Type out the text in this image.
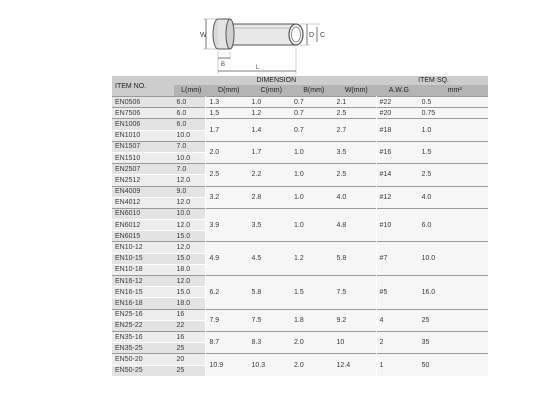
W	D C
B	L
ITEM NO.	DIMENSION					ITEM SQ.	
	L(mm)	D(mm)	C(mm)	B(mm)	W(mm)	A.W.G	mm²
EN0506	6.0	1.3	1.0	0.7	2.1	#22	0.5
EN7506	6.0	1.5	1.2	0.7	2.5	#20	0.75
EN1006	6.0	1.7	1.4	0.7	2.7	#18	1.0
EN1010	10.0						
EN1507	7.0	2.0	1.7	1.0	3.5	#16	1.5
EN1510	10.0						
EN2507	7.0	2.5	2.2	1.0	2.5	#14	2.5
EN2512	12.0						
EN4009	9.0	3.2	2.8	1.0	4.0	#12	4.0
EN4012	12.0						
EN6010	10.0	3.9	3.5	1.0	4.8	#10	6.0
EN6012	12.0						
EN6015	15.0						
EN10-12	12.0	4.9	4.5	1.2	5.8	#7	10.0
EN10-15	15.0						
EN10-18	18.0						
EN16-12	12.0	6.2	5.8	1.5	7.5	#5	16.0
EN16-15	15.0						
EN16-18	18.0						
EN25-16	16	7.9	7.5	1.8	9.2	4	25
EN25-22	22						
EN35-16	16	8.7	8.3	2.0	10	2	35
EN35-25	25						
EN50-20	20	10.9	10.3	2.0	12.4	1	50
EN50-25	25						
